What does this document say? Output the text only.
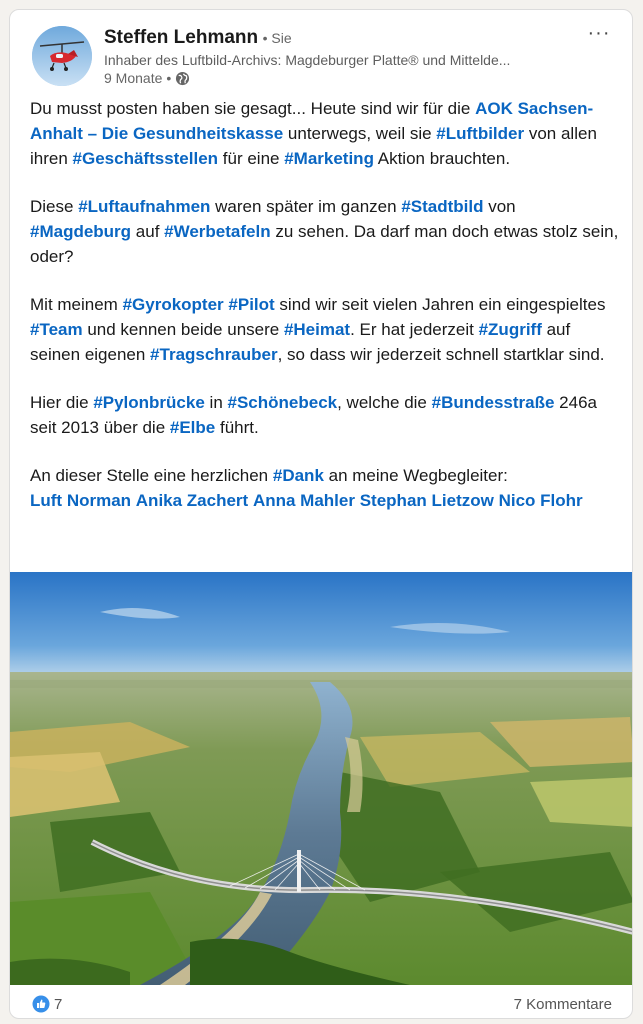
Steffen Lehmann • Sie
Inhaber des Luftbild-Archivs: Magdeburger Platte® und Mittelde...
9 Monate •
···
Du musst posten haben sie gesagt... Heute sind wir für die AOK Sachsen-Anhalt – Die Gesundheitskasse unterwegs, weil sie #Luftbilder von allen ihren #Geschäftsstellen für eine #Marketing Aktion brauchten.
Diese #Luftaufnahmen waren später im ganzen #Stadtbild von #Magdeburg auf #Werbetafeln zu sehen. Da darf man doch etwas stolz sein, oder?
Mit meinem #Gyrokopter #Pilot sind wir seit vielen Jahren ein eingespieltes #Team und kennen beide unsere #Heimat. Er hat jederzeit #Zugriff auf seinen eigenen #Tragschrauber, so dass wir jederzeit schnell startklar sind.
Hier die #Pylonbrücke in #Schönebeck, welche die #Bundesstraße 246a seit 2013 über die #Elbe führt.
An dieser Stelle eine herzlichen #Dank an meine Wegbegleiter:
Luft Norman Anika Zachert Anna Mahler Stephan Lietzow Nico Flohr
7	7 Kommentare
